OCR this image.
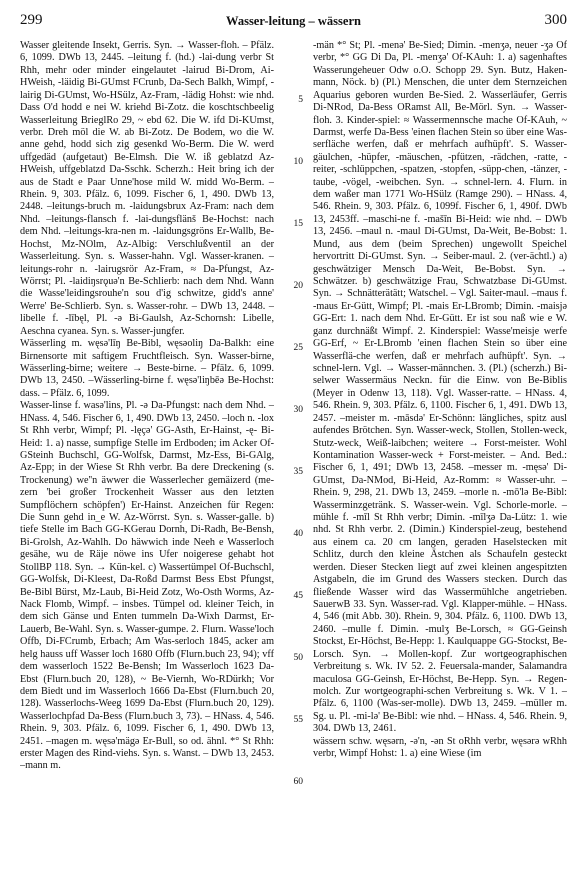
299	Wasser-leitung – wässern	300

Wasser gleitende Insekt, Gerris. Syn. → Wasser-floh. – Pfälz. 6, 1099. DWb 13, 2445. –leitung f. (hd.) -lai-dung verbr St Rhh, mehr oder minder eingelautet -lairud Bi-Drom, Ai-HWeish, -läidig Bi-GUmst FCrunb, Da-Sech Balkh, Wimpf, -lairig Di-GUmst, Wo-HSülz, Az-Fram, -lädig Hohst: wie nhd. Dass O'd hodd e nei W. kriehd Bi-Zotz. die koschtschbeelig Wasserleitung BrieglRo 29, ~ ebd 62. Die W. ifd Di-KUmst, verbr. Dreh möl die W. ab Bi-Zotz. De Bodem, wo die W. anne gehd, hodd sich zig gesenkd Wo-Berm. Die W. werd uffgedäd (aufgetaut) Be-Elmsh. Die W. iß geblatzd Az-HWeish, uffgeblatzd Da-Sschk. Scherzh.: Heit bring ich der aus de Stadt e Paar Unne'hose mild W. midd Wo-Berm. – Rhein. 9, 303. Pfälz. 6, 1099. Fischer 6, 1, 490. DWb 13, 2448. –leitungs-bruch m. -laidungsbrux Az-Fram: nach dem Nhd. –leitungs-flansch f. -lai-dungsflänš Be-Hochst: nach dem Nhd. –leitungs-kra-nen m. -laidungsgröns Er-Wallb, Be-Hochst, Mz-NOlm, Az-Albig: Verschlußventil an der Wasserleitung. Syn. s. Wasser-hahn. Vgl. Wasser-kranen. –leitungs-rohr n. -lairugsrör Az-Fram, ≈ Da-Pfungst, Az-Wörrst; Pl. -laidiŋsrǫuə'n Be-Schlierb: nach dem Nhd. Wann die Wasse'leidingsrouhe'n sou d'ig schwitze, gidd's anne' Werre' Be-Schlierb. Syn. s. Wasser-rohr. – DWb 13, 2448. –libelle f. -lībęl, Pl. -ə Bi-Gaulsh, Az-Schornsh: Libelle, Aeschna cyanea. Syn. s. Wasser-jungfer.

Wässerling m. węsə'līŋ Be-Bibl, węsǝoliŋ Da-Balkh: eine Birnensorte mit saftigem Fruchtfleisch. Syn. Wasser-birne, Wässerling-birne; weitere → Beste-birne. – Pfälz. 6, 1099. DWb 13, 2450. –Wässerling-birne f. węsə'liŋbēə Be-Hochst: dass. – Pfälz. 6, 1099.

Wasser-linse f. wasə'lins, Pl. -ə Da-Pfungst: nach dem Nhd. – HNass. 4, 546. Fischer 6, 1, 490. DWb 13, 2450. –loch n. -lox St Rhh verbr, Wimpf; Pl. -lęçə' GG-Asth, Er-Hainst, -ę- Bi-Heid: 1. a) nasse, sumpfige Stelle im Erdboden; im Acker Of-GSteinh Buchschl, GG-Wolfsk, Darmst, Mz-Ess, Bi-GAlg, Az-Epp; in der Wiese St Rhh verbr. Ba dere Dreckening (s. Trockenung) we''n äwwer die Wasserlecher gemäizerd (me-zern 'bei großer Trockenheit Wasser aus den letzten Sumpflöchern schöpfen') Er-Hainst. Anzeichen für Regen: Die Sunn gehd in_e W. Az-Wörrst. Syn. s. Wasser-galle. b) tiefe Stelle im Bach GG-KGerau Dornh, Di-Radh, Be-Bensh, Bi-Grolsh, Az-Wahlh. Do häwwich inde Neeh e Wasserloch gesähe, wu de Räje nöwe ins Ufer noigerese gehabt hot StollBP 118. Syn. → Kün-kel. c) Wassertümpel Of-Buchschl, GG-Wolfsk, Di-Kleest, Da-Roßd Darmst Bess Ebst Pfungst, Be-Bibl Bürst, Mz-Laub, Bi-Heid Zotz, Wo-Osth Worms, Az-Nack Flomb, Wimpf. – insbes. Tümpel od. kleiner Teich, in dem sich Gänse und Enten tummeln Da-Wixh Darmst, Er-Lauerb, Be-Wahl. Syn. s. Wasser-gumpe. 2. Flurn. Wasse'loch Offb, Di-FCrumb, Erbach; Am Was-serloch 1845, acker am helg hauss uff Wasser loch 1680 Offb (Flurn.buch 23, 94); vff dem wasserloch 1522 Be-Bensh; Im Wasserloch 1623 Da-Ebst (Flurn.buch 20, 128), ~ Be-Viernh, Wo-RDürkh; Vor dem Biedt und im Wasserloch 1666 Da-Ebst (Flurn.buch 20, 128). Wasserlochs-Weeg 1699 Da-Ebst (Flurn.buch 20, 129). Wasserlochpfad Da-Bess (Flurn.buch 3, 73). – HNass. 4, 546. Rhein. 9, 303. Pfälz. 6, 1099. Fischer 6, 1, 490. DWb 13, 2451. –magen m. węsə'mägə Er-Bull, so od. ähnl. *° St Rhh: erster Magen des Rind-viehs. Syn. s. Wanst. – DWb 13, 2453. –mann m.

5
10
15
20
25
30
35
40
45
50
55
60

-män *° St; Pl. -menə' Be-Sied; Dimin. -menʒə, neuer -ʒə Of verbr, *° GG Di Da, Pl. -menʒə' Of-KAuh: 1. a) sagenhaftes Wasserungeheuer Odw o.O. Schopp 29. Syn. Butz, Haken-mann, Nöck. b) (Pl.) Menschen, die unter dem Sternzeichen Aquarius geboren wurden Be-Sied. 2. Wasserläufer, Gerris Di-NRod, Da-Bess ORamst All, Be-Mörl. Syn. → Wasser-floh. 3. Kinder-spiel: ≈ Wassermennsche mache Of-KAuh, ~ Darmst, werfe Da-Bess 'einen flachen Stein so über eine Was-serfläche werfen, daß er mehrfach aufhüpft'. S. Wasser-gäulchen, -hüpfer, -mäuschen, -pfützen, -rädchen, -ratte, -reiter, -schlüppchen, -spatzen, -stopfen, -süpp-chen, -tänzer, -taube, -vögel, -weibchen. Syn. → schnel-lern. 4. Flurn. in dem waßer man 1771 Wo-HSülz (Ramge 290). – HNass. 4, 546. Rhein. 9, 303. Pfälz. 6, 1099f. Fischer 6, 1, 490f. DWb 13, 2453ff. –maschi-ne f. -mašīn Bi-Heid: wie nhd. – DWb 13, 2456. –maul n. -maul Di-GUmst, Da-Weit, Be-Bobst: 1. Mund, aus dem (beim Sprechen) ungewollt Speichel hervortritt Di-GUmst. Syn. → Seiber-maul. 2. (ver-ächtl.) a) geschwätziger Mensch Da-Weit, Be-Bobst. Syn. → Schwätzer. b) geschwätzige Frau, Schwatzbase Di-GUmst. Syn. → Schnätterätätt; Watschel. – Vgl. Saiter-maul. –maus f. -maus Er-Gütt, Wimpf; Pl. -mais Er-LBromb; Dimin. -maisjə GG-Ert: 1. nach dem Nhd. Er-Gütt. Er ist sou naß wie e W. ganz durchnäßt Wimpf. 2. Kinderspiel: Wasse'meisje werfe GG-Erf, ~ Er-LBromb 'einen flachen Stein so über eine Wasserflä-che werfen, daß er mehrfach aufhüpft'. Syn. → schnel-lern. Vgl. → Wasser-männchen. 3. (Pl.) (scherzh.) Bi-selwer Wassermäus Neckn. für die Einw. von Be-Biblis (Meyer in Odenw 13, 118). Vgl. Wasser-ratte. – HNass. 4, 546. Rhein. 9, 303. Pfälz. 6, 1100. Fischer 6, 1, 491. DWb 13, 2457. –meister m. -māsdə' Er-Schönn: längliches, spitz ausl aufendes Brötchen. Syn. Wasser-weck, Stollen, Stollen-weck, Stutz-weck, Weiß-laibchen; weitere → Forst-meister. Wohl Kontamination Wasser-weck + Forst-meister. – And. Bed.: Fischer 6, 1, 491; DWb 13, 2458. –messer m. -męsə' Di-GUmst, Da-NMod, Bi-Heid, Az-Romm: ≈ Wasser-uhr. – Rhein. 9, 298, 21. DWb 13, 2459. –morle n. -mō'lə Be-Bibl: Wasserminzgetränk. S. Wasser-wein. Vgl. Schorle-morle. –mühle f. -mīl St Rhh verbr; Dimin. -mīlʒə Da-Lütz: 1. wie nhd. St Rhh verbr. 2. (Dimin.) Kinderspiel-zeug, bestehend aus einem ca. 20 cm langen, geraden Haselstecken mit Schlitz, durch den kleine Ästchen als Schaufeln gesteckt werden. Dieser Stecken liegt auf zwei kleinen angespitzten Astgabeln, die im Grund des Wassers stecken. Durch das fließende Wasser wird das Wassermühlche angetrieben. SauerwB 33. Syn. Wasser-rad. Vgl. Klapper-mühle. – HNass. 4, 546 (mit Abb. 30). Rhein. 9, 304. Pfälz. 6, 1100. DWb 13, 2460. –mulle f. Dimin. -mulʒ Be-Lorsch, ≈ GG-Geinsh Stockst, Er-Höchst, Be-Hepp: 1. Kaulquappe GG-Stockst, Be-Lorsch. Syn. → Mollen-kopf. Zur wortgeographischen Verbreitung s. Wk. IV 52. 2. Feuersala-mander, Salamandra maculosa GG-Geinsh, Er-Höchst, Be-Hepp. Syn. → Regen-molch. Zur wortgeographi-schen Verbreitung s. Wk. V 1. – Pfälz. 6, 1100 (Was-ser-molle). DWb 13, 2459. –müller m. Sg. u. Pl. -mi-lə' Be-Bibl: wie nhd. – HNass. 4, 546. Rhein. 9, 304. DWb 13, 2461.

wässern schw. węsərn, -ə'n, -ən St oRhh verbr, węsərə wRhh verbr, Wimpf Hohst: 1. a) eine Wiese (im
